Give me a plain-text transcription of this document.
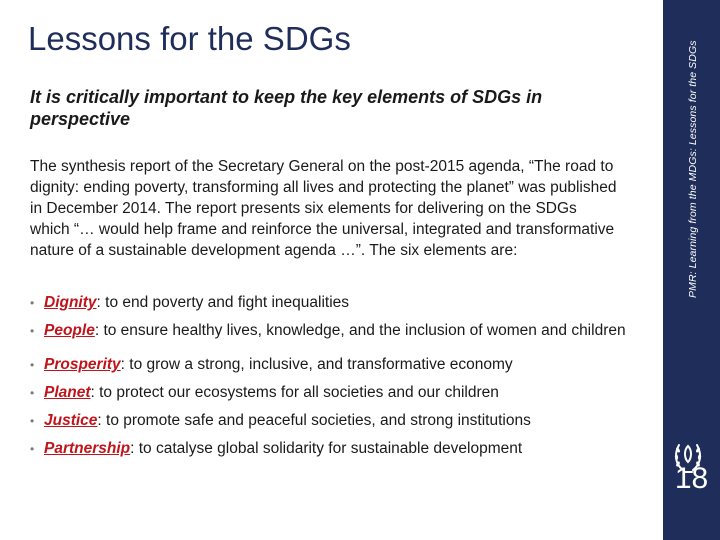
Lessons for the SDGs
It is critically important to keep the key elements of SDGs in perspective
The synthesis report of the Secretary General on the post-2015 agenda, “The road to dignity: ending poverty, transforming all lives and protecting the planet” was published in December 2014. The report presents six elements for delivering on the SDGs which “… would help frame and reinforce the universal, integrated and transformative nature of a sustainable development agenda …”. The six elements are:
• Dignity: to end poverty and fight inequalities
• People: to ensure healthy lives, knowledge, and the inclusion of women and children
• Prosperity: to grow a strong, inclusive, and transformative economy
• Planet: to protect our ecosystems for all societies and our children
• Justice: to promote safe and peaceful societies, and strong institutions
• Partnership: to catalyse global solidarity for sustainable development
PMR: Learning from the MDGs: Lessons for the SDGs
18
